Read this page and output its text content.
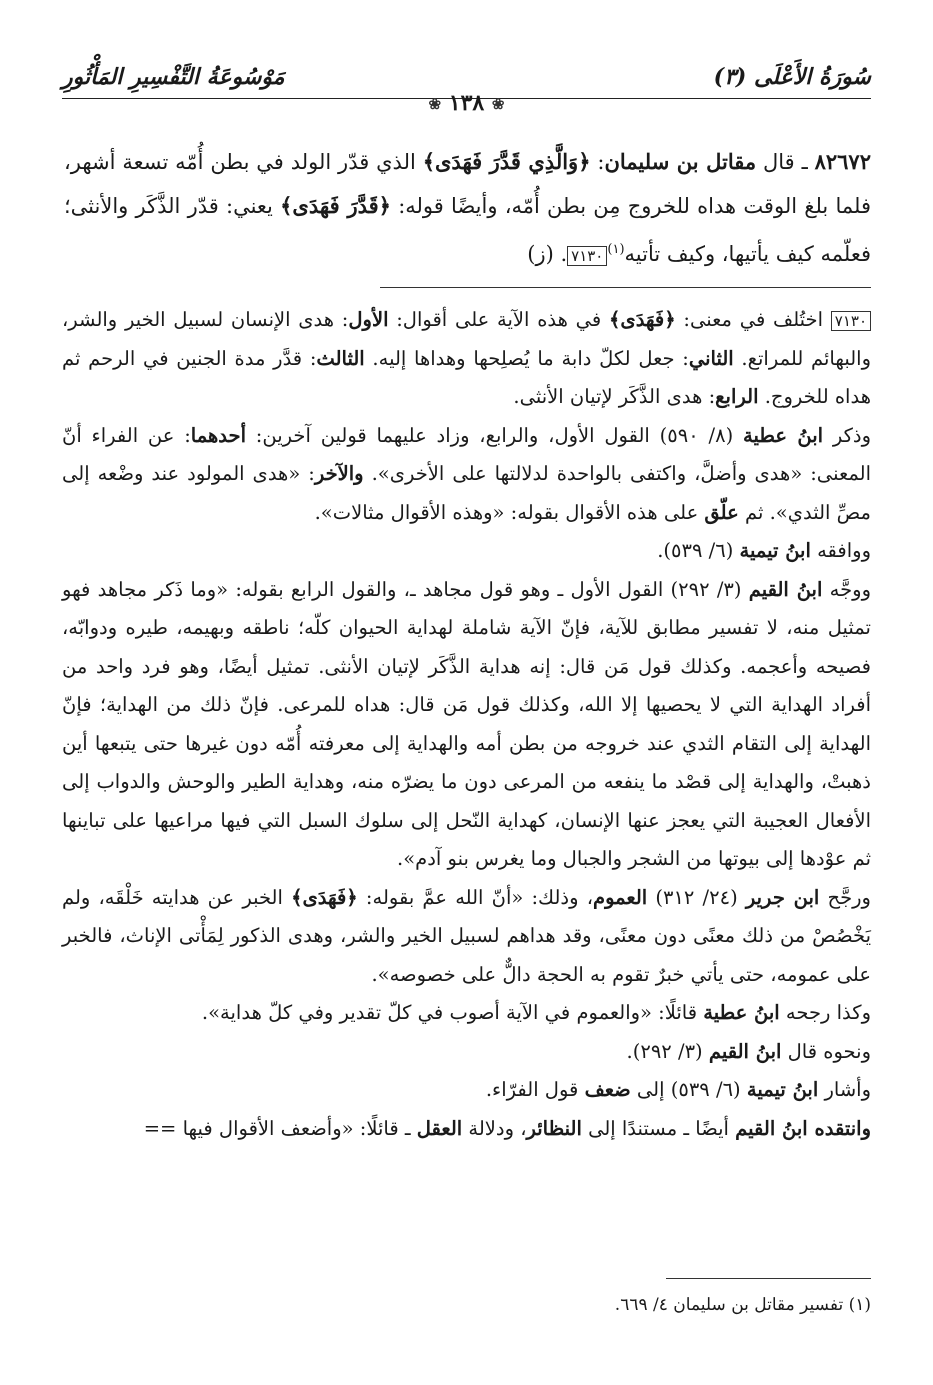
مَوْسُوعَةُ التَّفْسِيرِ المَأْثُورِ	سُورَةُ الأَعْلَى (٣)
❀ ١٣٨ ❀
٨٢٦٧٢ ـ قال مقاتل بن سليمان: ﴿وَالَّذِي قَدَّرَ فَهَدَى﴾ الذي قدّر الولد في بطن أُمّه تسعة أشهر، فلما بلغ الوقت هداه للخروج مِن بطن أُمّه، وأيضًا قوله: ﴿قَدَّرَ فَهَدَى﴾ يعني: قدّر الذَّكَر والأنثى؛ فعلّمه كيف يأتيها، وكيف تأتيه$^{(١)}$٧١٣٠. (ز)

٧١٣٠ اختُلف في معنى: ﴿فَهَدَى﴾ في هذه الآية على أقوال: الأول: هدى الإنسان لسبيل الخير والشر، والبهائم للمراتع. الثاني: جعل لكلّ دابة ما يُصلِحها وهداها إليه. الثالث: قدَّر مدة الجنين في الرحم ثم هداه للخروج. الرابع: هدى الذَّكَر لإتيان الأنثى.

وذكر ابنُ عطية (٨/ ٥٩٠) القول الأول، والرابع، وزاد عليهما قولين آخرين: أحدهما: عن الفراء أنّ المعنى: «هدى وأضلَّ، واكتفى بالواحدة لدلالتها على الأخرى». والآخر: «هدى المولود عند وضْعه إلى مصِّ الثدي». ثم علّق على هذه الأقوال بقوله: «وهذه الأقوال مثالات».

ووافقه ابنُ تيمية (٦/ ٥٣٩).

ووجَّه ابنُ القيم (٣/ ٢٩٢) القول الأول ـ وهو قول مجاهد ـ، والقول الرابع بقوله: «وما ذَكر مجاهد فهو تمثيل منه، لا تفسير مطابق للآية، فإنّ الآية شاملة لهداية الحيوان كلّه؛ ناطقه وبهيمه، طيره ودوابّه، فصيحه وأعجمه. وكذلك قول مَن قال: إنه هداية الذَّكَر لإتيان الأنثى. تمثيل أيضًا، وهو فرد واحد من أفراد الهداية التي لا يحصيها إلا الله، وكذلك قول مَن قال: هداه للمرعى. فإنّ ذلك من الهداية؛ فإنّ الهداية إلى التقام الثدي عند خروجه من بطن أمه والهداية إلى معرفته أُمّه دون غيرها حتى يتبعها أين ذهبتْ، والهداية إلى قصْد ما ينفعه من المرعى دون ما يضرّه منه، وهداية الطير والوحش والدواب إلى الأفعال العجيبة التي يعجز عنها الإنسان، كهداية النّحل إلى سلوك السبل التي فيها مراعيها على تباينها ثم عوْدها إلى بيوتها من الشجر والجبال وما يغرس بنو آدم».

ورجَّح ابن جرير (٢٤/ ٣١٢) العموم، وذلك: «أنّ الله عمَّ بقوله: ﴿فَهَدَى﴾ الخبر عن هدايته خَلْقَه، ولم يَخْصُصْ من ذلك معنًى دون معنًى، وقد هداهم لسبيل الخير والشر، وهدى الذكور لِمَأْتى الإناث، فالخبر على عمومه، حتى يأتي خبرٌ تقوم به الحجة دالٌّ على خصوصه».

وكذا رجحه ابنُ عطية قائلًا: «والعموم في الآية أصوب في كلّ تقدير وفي كلّ هداية».

ونحوه قال ابنُ القيم (٣/ ٢٩٢).

وأشار ابنُ تيمية (٦/ ٥٣٩) إلى ضعف قول الفرّاء.

وانتقده ابنُ القيم أيضًا ـ مستندًا إلى النظائر، ودلالة العقل ـ قائلًا: «وأضعف الأقوال فيها ==

(١) تفسير مقاتل بن سليمان ٤/ ٦٦٩.
